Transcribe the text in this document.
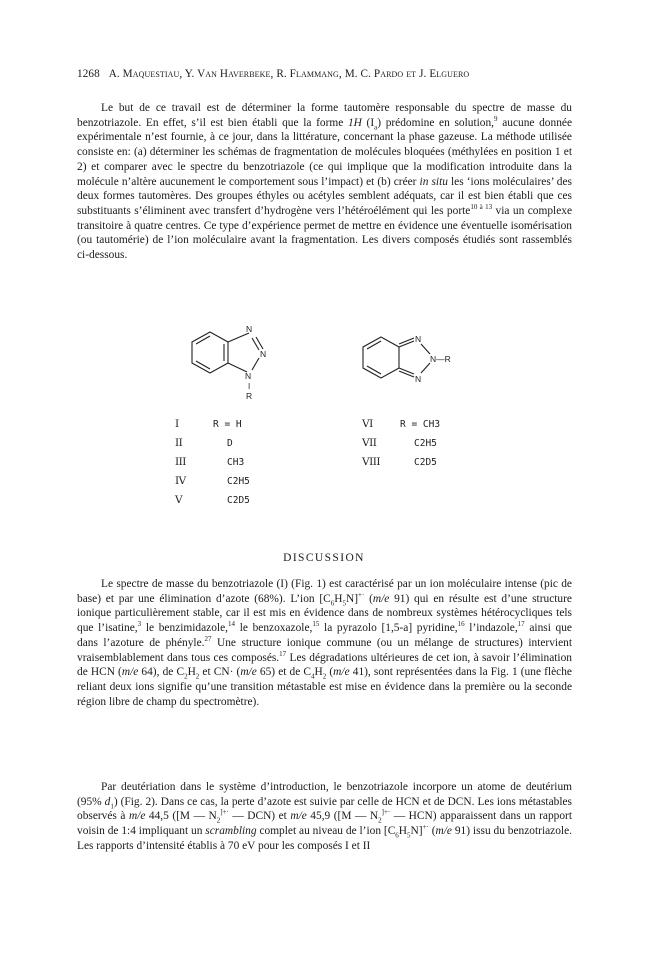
1268 A. Maquestiau, Y. Van Haverbeke, R. Flammang, M. C. Pardo et J. Elguero
Le but de ce travail est de déterminer la forme tautomère responsable du spectre de masse du benzotriazole. En effet, s’il est bien établi que la forme 1H $(I_a)$ prédomine en solution,$^9$ aucune donnée expérimentale n’est fournie, à ce jour, dans la littérature, concernant la phase gazeuse. La méthode utilisée consiste en: (a) déterminer les schémas de fragmentation de molécules bloquées (méthylées en position 1 et 2) et comparer avec le spectre du benzotriazole (ce qui implique que la modification introduite dans la molécule n’altère aucunement le comportement sous l’impact) et (b) créer in situ les ‘ions moléculaires’ des deux formes tautomères. Des groupes éthyles ou acétyles semblent adéquats, car il est bien établi que ces substituants s’éliminent avec transfert d’hydrogène vers l’hétéroélément qui les porte$^{10 à 13}$ via un complexe transitoire à quatre centres. Ce type d’expérience permet de mettre en évidence une éventuelle isomérisation (ou tautomérie) de l’ion moléculaire avant la fragmentation. Les divers composés étudiés sont rassemblés ci-dessous.
N
N
N
I
R
N
N—R
N
I	R = H
II	D
III	CH3
IV	C2H5
V	C2D5
VI	R = CH3
VII	C2H5
VIII	C2D5
DISCUSSION
Le spectre de masse du benzotriazole (I) (Fig. 1) est caractérisé par un ion moléculaire intense (pic de base) et par une élimination d’azote (68%). L’ion $[C_6H_5N]^{+\cdot}$ (m/e 91) qui en résulte est d’une structure ionique particulièrement stable, car il est mis en évidence dans de nombreux systèmes hétérocycliques tels que l’isatine,$^3$ le benzimidazole,$^{14}$ le benzoxazole,$^{15}$ la pyrazolo [1,5-a] pyridine,$^{16}$ l’indazole,$^{17}$ ainsi que dans l’azoture de phényle.$^{27}$ Une structure ionique commune (ou un mélange de structures) intervient vraisemblablement dans tous ces composés.$^{17}$ Les dégradations ultérieures de cet ion, à savoir l’élimination de HCN (m/e 64), de $C_2H_2$ et CN· (m/e 65) et de $C_4H_2$ (m/e 41), sont représentées dans la Fig. 1 (une flèche reliant deux ions signifie qu’une transition métastable est mise en évidence dans la première ou la seconde région libre de champ du spectromètre).
Par deutériation dans le système d’introduction, le benzotriazole incorpore un atome de deutérium (95% $d_1$) (Fig. 2). Dans ce cas, la perte d’azote est suivie par celle de HCN et de DCN. Les ions métastables observés à m/e 44,5 ([M — $N_2^{]+\cdot}$ — DCN) et m/e 45,9 ([M — $N_2^{]+\cdot}$ — HCN) apparaissent dans un rapport voisin de 1:4 impliquant un scrambling complet au niveau de l’ion $[C_6H_5N]^{+\cdot}$ (m/e 91) issu du benzotriazole. Les rapports d’intensité établis à 70 eV pour les composés I et II
